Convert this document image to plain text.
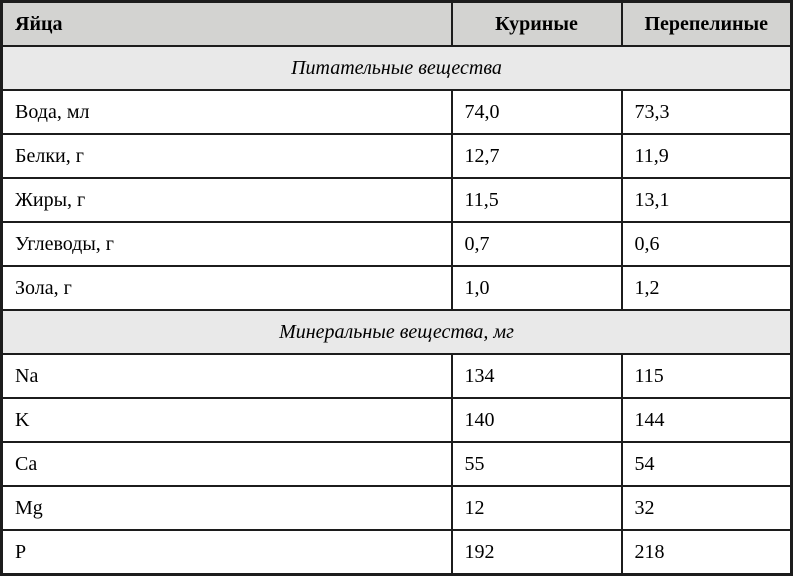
Яйца	Куриные	Перепелиные
Питательные вещества		
Вода, мл	74,0	73,3
Белки, г	12,7	11,9
Жиры, г	11,5	13,1
Углеводы, г	0,7	0,6
Зола, г	1,0	1,2
Минеральные вещества, мг		
Na	134	115
K	140	144
Ca	55	54
Mg	12	32
P	192	218
